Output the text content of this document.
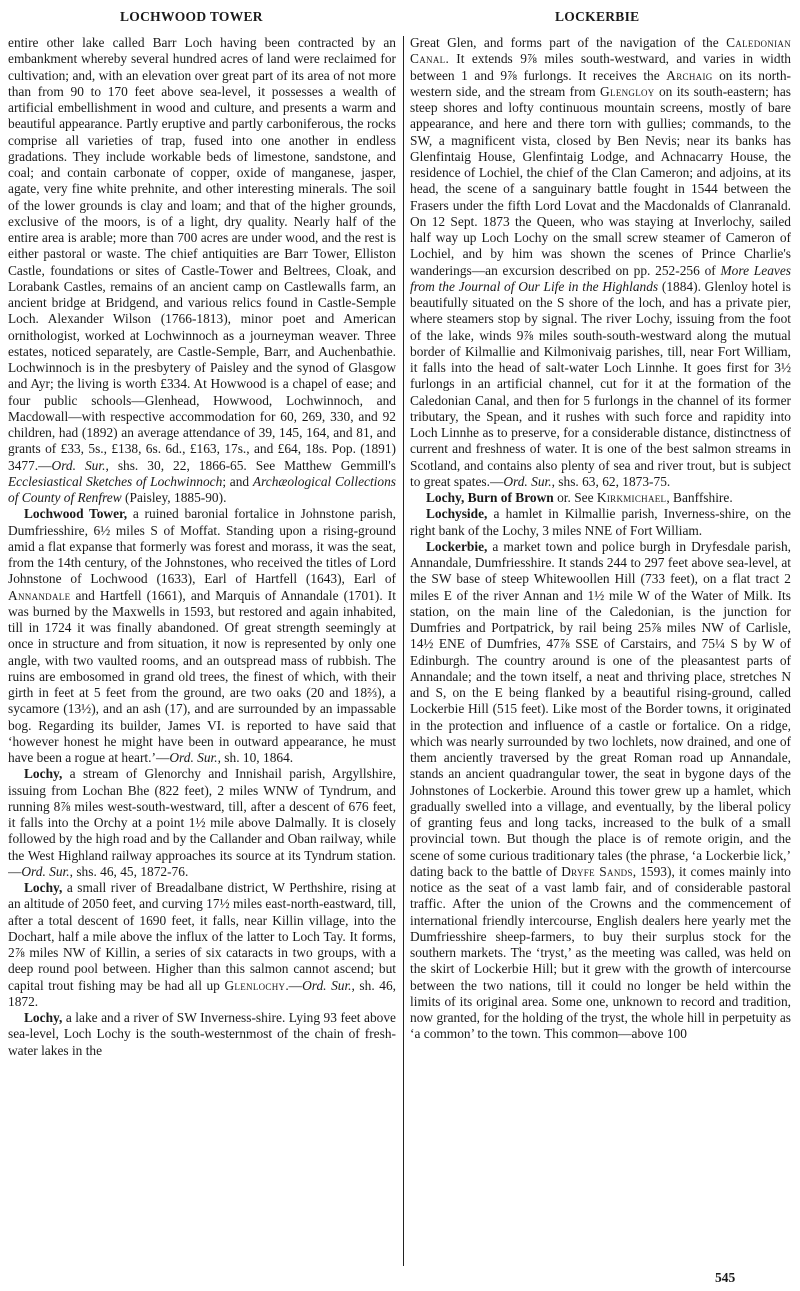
LOCHWOOD TOWER	LOCKERBIE

entire other lake called Barr Loch having been contracted by an embankment whereby several hundred acres of land were reclaimed for cultivation; and, with an elevation over great part of its area of not more than from 90 to 170 feet above sea-level, it possesses a wealth of artificial embellishment in wood and culture, and presents a warm and beautiful appearance. Partly eruptive and partly carboniferous, the rocks comprise all varieties of trap, fused into one another in endless gradations. They include workable beds of limestone, sandstone, and coal; and contain carbonate of copper, oxide of manganese, jasper, agate, very fine white prehnite, and other interesting minerals. The soil of the lower grounds is clay and loam; and that of the higher grounds, exclusive of the moors, is of a light, dry quality. Nearly half of the entire area is arable; more than 700 acres are under wood, and the rest is either pastoral or waste. The chief antiquities are Barr Tower, Elliston Castle, foundations or sites of Castle-Tower and Beltrees, Cloak, and Lorabank Castles, remains of an ancient camp on Castlewalls farm, an ancient bridge at Bridgend, and various relics found in Castle-Semple Loch. Alexander Wilson (1766-1813), minor poet and American ornithologist, worked at Lochwinnoch as a journeyman weaver. Three estates, noticed separately, are Castle-Semple, Barr, and Auchenbathie. Lochwinnoch is in the presbytery of Paisley and the synod of Glasgow and Ayr; the living is worth £334. At Howwood is a chapel of ease; and four public schools—Glenhead, Howwood, Lochwinnoch, and Macdowall—with respective accommodation for 60, 269, 330, and 92 children, had (1892) an average attendance of 39, 145, 164, and 81, and grants of £33, 5s., £138, 6s. 6d., £163, 17s., and £64, 18s. Pop. (1891) 3477.—Ord. Sur., shs. 30, 22, 1866-65. See Matthew Gemmill's Ecclesiastical Sketches of Lochwinnoch; and Archæological Collections of County of Renfrew (Paisley, 1885-90).

Lochwood Tower, a ruined baronial fortalice in Johnstone parish, Dumfriesshire, 6½ miles S of Moffat. Standing upon a rising-ground amid a flat expanse that formerly was forest and morass, it was the seat, from the 14th century, of the Johnstones, who received the titles of Lord Johnstone of Lochwood (1633), Earl of Hartfell (1643), Earl of Annandale and Hartfell (1661), and Marquis of Annandale (1701). It was burned by the Maxwells in 1593, but restored and again inhabited, till in 1724 it was finally abandoned. Of great strength seemingly at once in structure and from situation, it now is represented by only one angle, with two vaulted rooms, and an outspread mass of rubbish. The ruins are embosomed in grand old trees, the finest of which, with their girth in feet at 5 feet from the ground, are two oaks (20 and 18⅔), a sycamore (13½), and an ash (17), and are surrounded by an impassable bog. Regarding its builder, James VI. is reported to have said that ‘however honest he might have been in outward appearance, he must have been a rogue at heart.’—Ord. Sur., sh. 10, 1864.

Lochy, a stream of Glenorchy and Innishail parish, Argyllshire, issuing from Lochan Bhe (822 feet), 2 miles WNW of Tyndrum, and running 8⅞ miles west-south-westward, till, after a descent of 676 feet, it falls into the Orchy at a point 1½ mile above Dalmally. It is closely followed by the high road and by the Callander and Oban railway, while the West Highland railway approaches its source at its Tyndrum station.—Ord. Sur., shs. 46, 45, 1872-76.

Lochy, a small river of Breadalbane district, W Perthshire, rising at an altitude of 2050 feet, and curving 17½ miles east-north-eastward, till, after a total descent of 1690 feet, it falls, near Killin village, into the Dochart, half a mile above the influx of the latter to Loch Tay. It forms, 2⅞ miles NW of Killin, a series of six cataracts in two groups, with a deep round pool between. Higher than this salmon cannot ascend; but capital trout fishing may be had all up Glenlochy.—Ord. Sur., sh. 46, 1872.

Lochy, a lake and a river of SW Inverness-shire. Lying 93 feet above sea-level, Loch Lochy is the south-westernmost of the chain of fresh-water lakes in the

Great Glen, and forms part of the navigation of the Caledonian Canal. It extends 9⅞ miles south-westward, and varies in width between 1 and 9⅞ furlongs. It receives the Archaig on its north-western side, and the stream from Glengloy on its south-eastern; has steep shores and lofty continuous mountain screens, mostly of bare appearance, and here and there torn with gullies; commands, to the SW, a magnificent vista, closed by Ben Nevis; near its banks has Glenfintaig House, Glenfintaig Lodge, and Achnacarry House, the residence of Lochiel, the chief of the Clan Cameron; and adjoins, at its head, the scene of a sanguinary battle fought in 1544 between the Frasers under the fifth Lord Lovat and the Macdonalds of Clanranald. On 12 Sept. 1873 the Queen, who was staying at Inverlochy, sailed half way up Loch Lochy on the small screw steamer of Cameron of Lochiel, and by him was shown the scenes of Prince Charlie's wanderings—an excursion described on pp. 252-256 of More Leaves from the Journal of Our Life in the Highlands (1884). Glenloy hotel is beautifully situated on the S shore of the loch, and has a private pier, where steamers stop by signal. The river Lochy, issuing from the foot of the lake, winds 9⅞ miles south-south-westward along the mutual border of Kilmallie and Kilmonivaig parishes, till, near Fort William, it falls into the head of salt-water Loch Linnhe. It goes first for 3½ furlongs in an artificial channel, cut for it at the formation of the Caledonian Canal, and then for 5 furlongs in the channel of its former tributary, the Spean, and it rushes with such force and rapidity into Loch Linnhe as to preserve, for a considerable distance, distinctness of current and freshness of water. It is one of the best salmon streams in Scotland, and contains also plenty of sea and river trout, but is subject to great spates.—Ord. Sur., shs. 63, 62, 1873-75.

Lochy, Burn of Brown or. See Kirkmichael, Banffshire.

Lochyside, a hamlet in Kilmallie parish, Inverness-shire, on the right bank of the Lochy, 3 miles NNE of Fort William.

Lockerbie, a market town and police burgh in Dryfesdale parish, Annandale, Dumfriesshire. It stands 244 to 297 feet above sea-level, at the SW base of steep Whitewoollen Hill (733 feet), on a flat tract 2 miles E of the river Annan and 1½ mile W of the Water of Milk. Its station, on the main line of the Caledonian, is the junction for Dumfries and Portpatrick, by rail being 25⅞ miles NW of Carlisle, 14½ ENE of Dumfries, 47⅞ SSE of Carstairs, and 75¼ S by W of Edinburgh. The country around is one of the pleasantest parts of Annandale; and the town itself, a neat and thriving place, stretches N and S, on the E being flanked by a beautiful rising-ground, called Lockerbie Hill (515 feet). Like most of the Border towns, it originated in the protection and influence of a castle or fortalice. On a ridge, which was nearly surrounded by two lochlets, now drained, and one of them anciently traversed by the great Roman road up Annandale, stands an ancient quadrangular tower, the seat in bygone days of the Johnstones of Lockerbie. Around this tower grew up a hamlet, which gradually swelled into a village, and eventually, by the liberal policy of granting feus and long tacks, increased to the bulk of a small provincial town. But though the place is of remote origin, and the scene of some curious traditionary tales (the phrase, ‘a Lockerbie lick,’ dating back to the battle of Dryfe Sands, 1593), it comes mainly into notice as the seat of a vast lamb fair, and of considerable pastoral traffic. After the union of the Crowns and the commencement of international friendly intercourse, English dealers here yearly met the Dumfriesshire sheep-farmers, to buy their surplus stock for the southern markets. The ‘tryst,’ as the meeting was called, was held on the skirt of Lockerbie Hill; but it grew with the growth of intercourse between the two nations, till it could no longer be held within the limits of its original area. Some one, unknown to record and tradition, now granted, for the holding of the tryst, the whole hill in perpetuity as ‘a common’ to the town. This common—above 100

545
